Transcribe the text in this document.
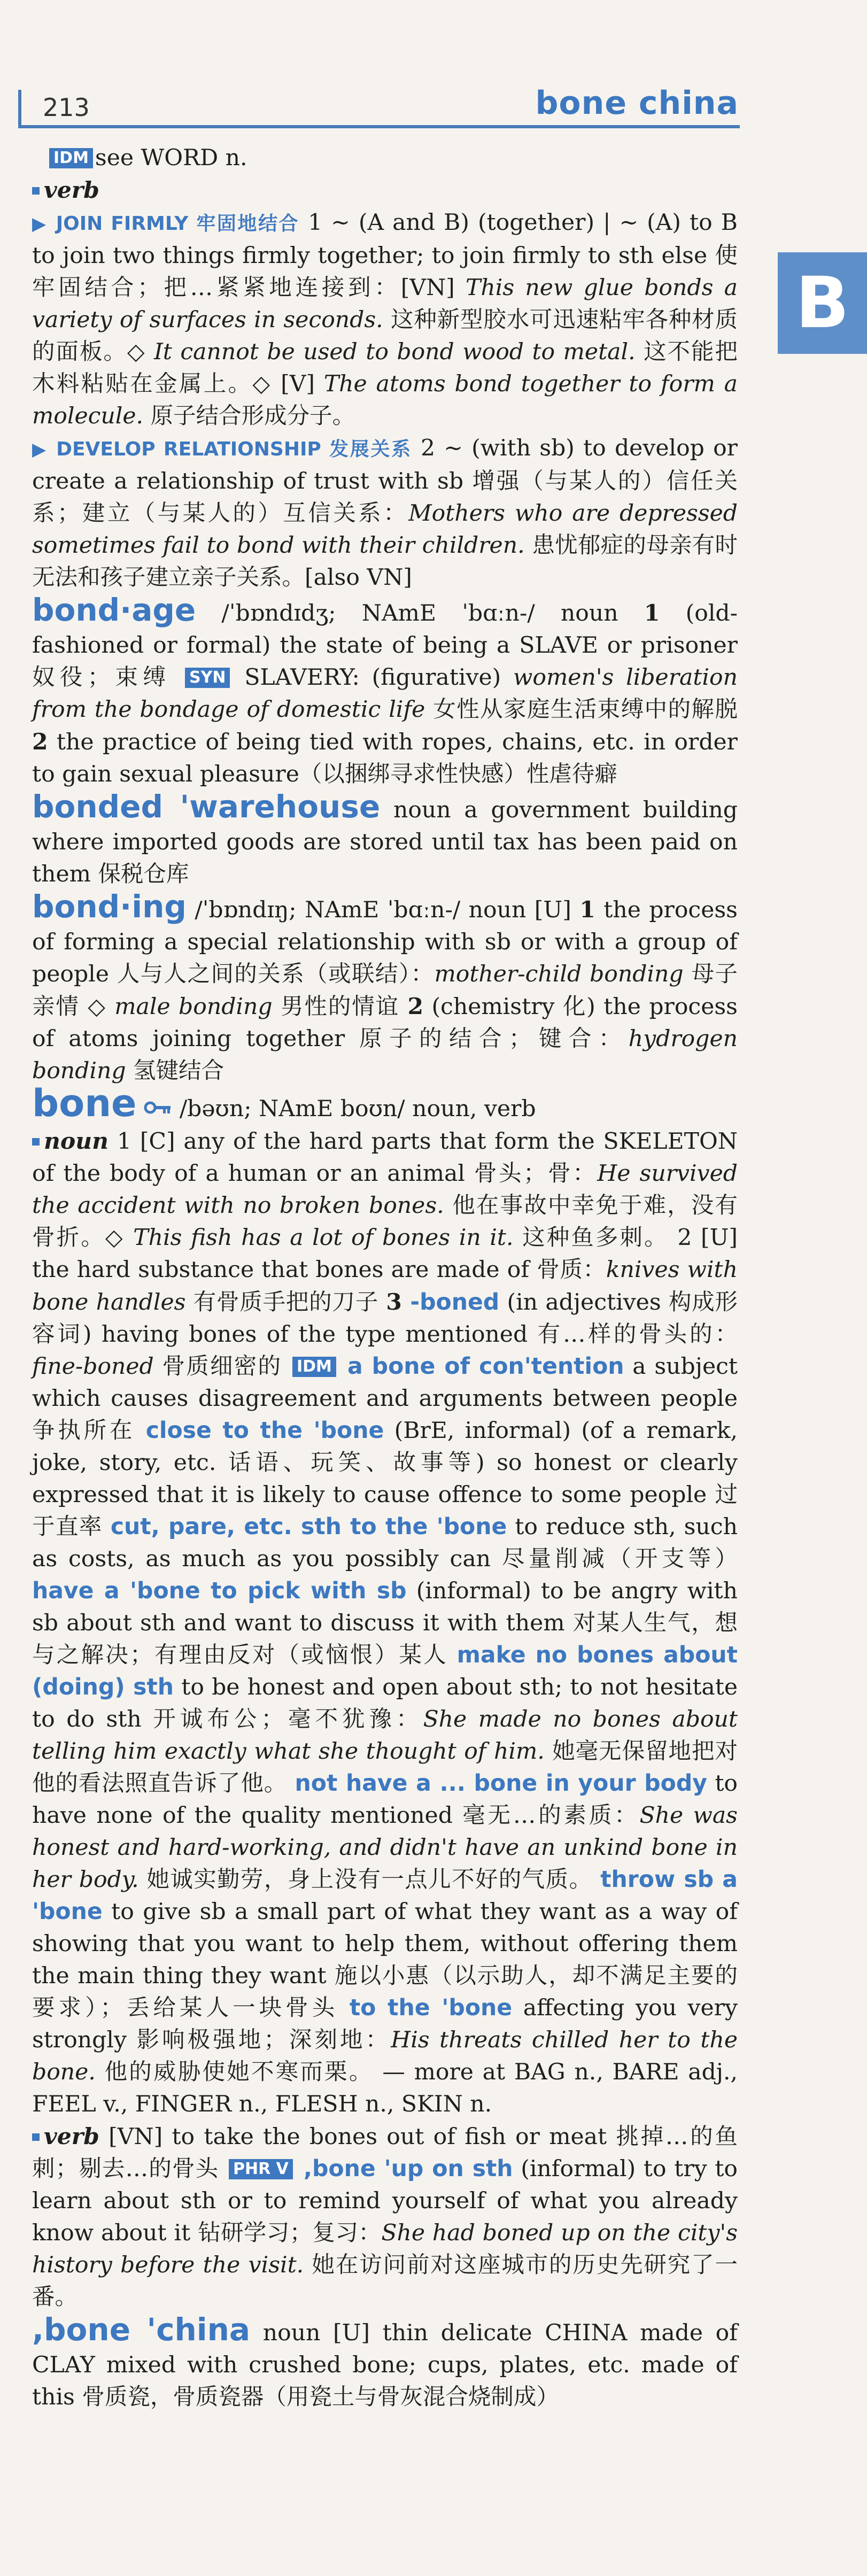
213	bone china
B

IDM see WORD n.

verb

▶ JOIN FIRMLY 牢固地结合 1 ~ (A and B) (together) | ~ (A) to B to join two things firmly together; to join firmly to sth else 使牢固结合；把…紧紧地连接到：[VN] This new glue bonds a variety of surfaces in seconds. 这种新型胶水可迅速粘牢各种材质的面板。◇ It cannot be used to bond wood to metal. 这不能把木料粘贴在金属上。◇ [V] The atoms bond together to form a molecule. 原子结合形成分子。

▶ DEVELOP RELATIONSHIP 发展关系 2 ~ (with sb) to develop or create a relationship of trust with sb 增强（与某人的）信任关系；建立（与某人的）互信关系：Mothers who are depressed sometimes fail to bond with their children. 患忧郁症的母亲有时无法和孩子建立亲子关系。[also VN]

bond·age /ˈbɒndɪdʒ; NAmE ˈbɑːn-/ noun 1 (old-fashioned or formal) the state of being a SLAVE or prisoner 奴役；束缚 SYN SLAVERY: (figurative) women's liberation from the bondage of domestic life 女性从家庭生活束缚中的解脱 2 the practice of being tied with ropes, chains, etc. in order to gain sexual pleasure（以捆绑寻求性快感）性虐待癖

bonded 'warehouse noun a government building where imported goods are stored until tax has been paid on them 保税仓库

bond·ing /ˈbɒndɪŋ; NAmE ˈbɑːn-/ noun [U] 1 the process of forming a special relationship with sb or with a group of people 人与人之间的关系（或联结）：mother-child bonding 母子亲情 ◇ male bonding 男性的情谊 2 (chemistry 化) the process of atoms joining together 原子的结合；键合：hydrogen bonding 氢键结合

bone  /bəʊn; NAmE boʊn/ noun, verb

noun 1 [C] any of the hard parts that form the SKELETON of the body of a human or an animal 骨头；骨：He survived the accident with no broken bones. 他在事故中幸免于难，没有骨折。◇ This fish has a lot of bones in it. 这种鱼多刺。 2 [U] the hard substance that bones are made of 骨质：knives with bone handles 有骨质手把的刀子 3 -boned (in adjectives 构成形容词) having bones of the type mentioned 有…样的骨头的：fine-boned 骨质细密的 IDM a bone of con'tention a subject which causes disagreement and arguments between people 争执所在 close to the 'bone (BrE, informal) (of a remark, joke, story, etc. 话语、玩笑、故事等) so honest or clearly expressed that it is likely to cause offence to some people 过于直率 cut, pare, etc. sth to the 'bone to reduce sth, such as costs, as much as you possibly can 尽量削减（开支等） have a 'bone to pick with sb (informal) to be angry with sb about sth and want to discuss it with them 对某人生气，想与之解决；有理由反对（或恼恨）某人 make no bones about (doing) sth to be honest and open about sth; to not hesitate to do sth 开诚布公；毫不犹豫：She made no bones about telling him exactly what she thought of him. 她毫无保留地把对他的看法照直告诉了他。 not have a ... bone in your body to have none of the quality mentioned 毫无…的素质：She was honest and hard-working, and didn't have an unkind bone in her body. 她诚实勤劳，身上没有一点儿不好的气质。 throw sb a 'bone to give sb a small part of what they want as a way of showing that you want to help them, without offering them the main thing they want 施以小惠（以示助人，却不满足主要的要求）；丢给某人一块骨头 to the 'bone affecting you very strongly 影响极强地；深刻地：His threats chilled her to the bone. 他的威胁使她不寒而栗。 — more at BAG n., BARE adj., FEEL v., FINGER n., FLESH n., SKIN n.

verb [VN] to take the bones out of fish or meat 挑掉…的鱼刺；剔去…的骨头 PHR V ,bone 'up on sth (informal) to try to learn about sth or to remind yourself of what you already know about it 钻研学习；复习：She had boned up on the city's history before the visit. 她在访问前对这座城市的历史先研究了一番。

,bone 'china noun [U] thin delicate CHINA made of CLAY mixed with crushed bone; cups, plates, etc. made of this 骨质瓷，骨质瓷器（用瓷土与骨灰混合烧制成）
